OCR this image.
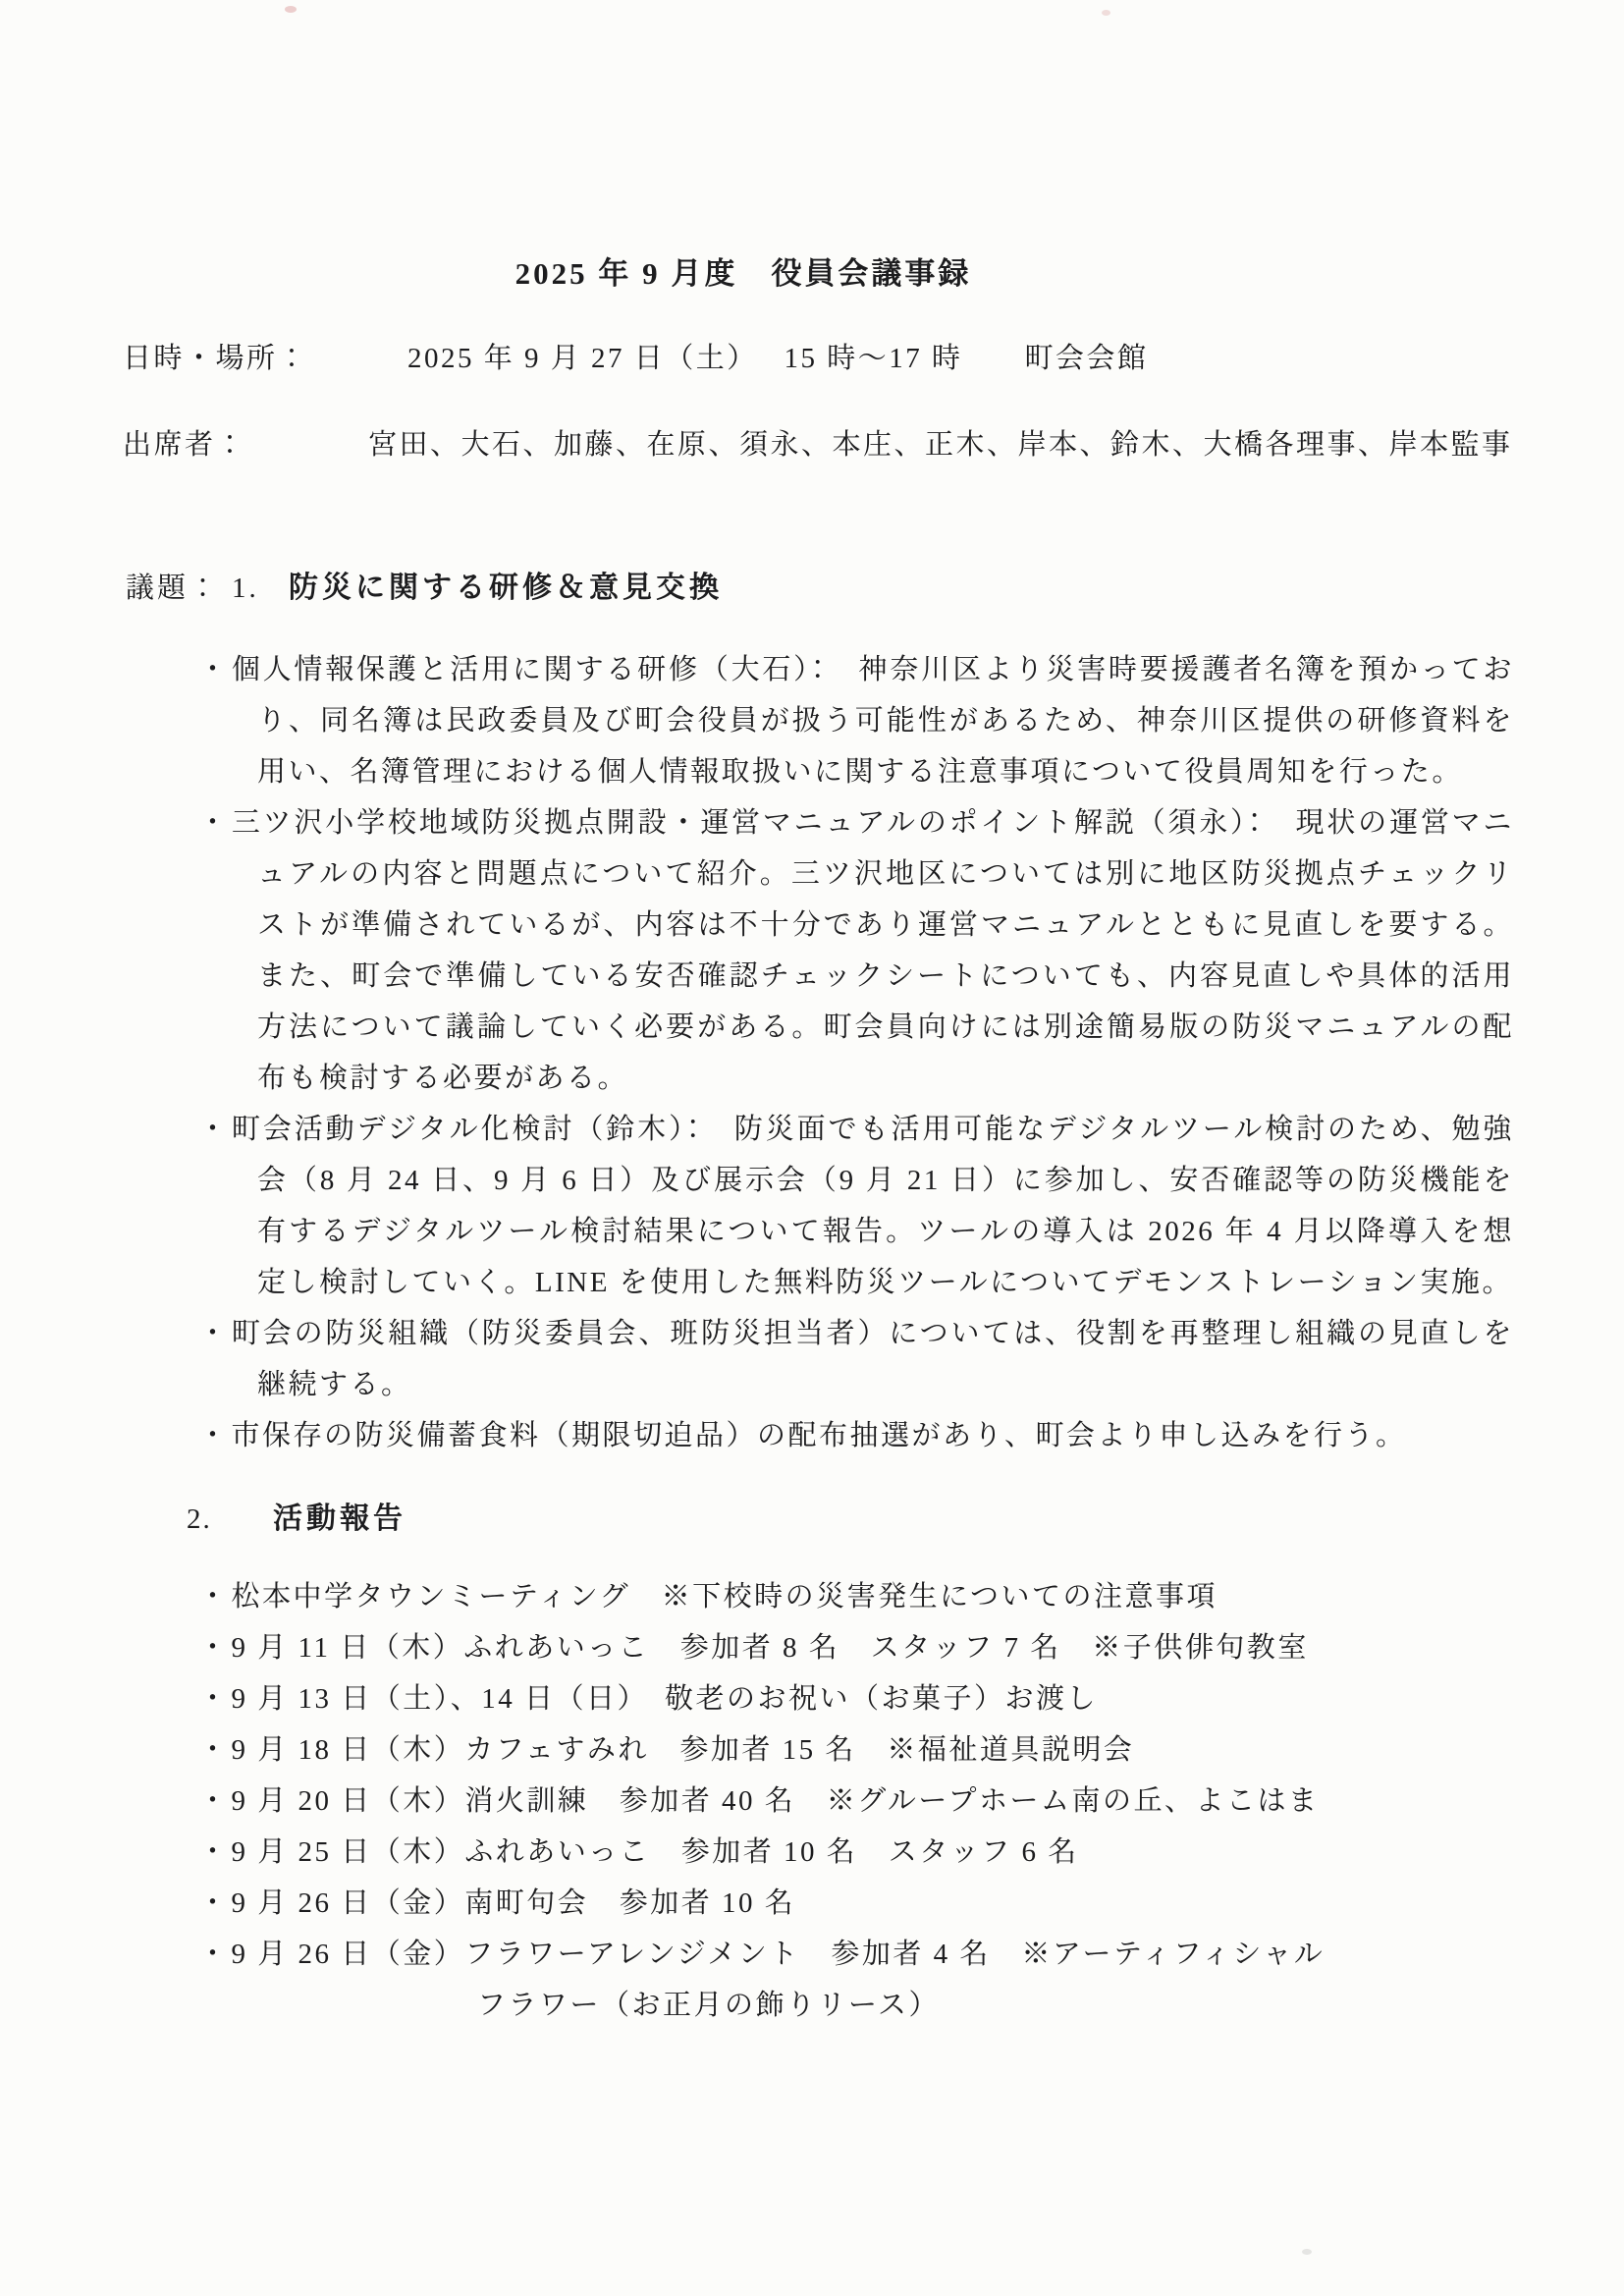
2025 年 9 月度　役員会議事録
日時・場所：	2025 年 9 月 27 日（土）　 15 時～17 時　　町会会館
出席者：	宮田、大石、加藤、在原、須永、本庄、正木、岸本、鈴木、大橋各理事、岸本監事
議題： 1.	防災に関する研修＆意見交換
・ 個人情報保護と活用に関する研修（大石）：　神奈川区より災害時要援護者名簿を預かっており、同名簿は民政委員及び町会役員が扱う可能性があるため、神奈川区提供の研修資料を用い、名簿管理における個人情報取扱いに関する注意事項について役員周知を行った。
・ 三ツ沢小学校地域防災拠点開設・運営マニュアルのポイント解説（須永）：　現状の運営マニュアルの内容と問題点について紹介。三ツ沢地区については別に地区防災拠点チェックリストが準備されているが、内容は不十分であり運営マニュアルとともに見直しを要する。また、町会で準備している安否確認チェックシートについても、内容見直しや具体的活用方法について議論していく必要がある。町会員向けには別途簡易版の防災マニュアルの配布も検討する必要がある。
・ 町会活動デジタル化検討（鈴木）：　防災面でも活用可能なデジタルツール検討のため、勉強会（8 月 24 日、9 月 6 日）及び展示会（9 月 21 日）に参加し、安否確認等の防災機能を有するデジタルツール検討結果について報告。ツールの導入は 2026 年 4 月以降導入を想定し検討していく。LINE を使用した無料防災ツールについてデモンストレーション実施。
・ 町会の防災組織（防災委員会、班防災担当者）については、役割を再整理し組織の見直しを継続する。
・ 市保存の防災備蓄食料（期限切迫品）の配布抽選があり、町会より申し込みを行う。
2.	活動報告
・ 松本中学タウンミーティング　※下校時の災害発生についての注意事項
・ 9 月 11 日（木）ふれあいっこ　参加者 8 名　スタッフ 7 名　※子供俳句教室
・ 9 月 13 日（土）、14 日（日）　敬老のお祝い（お菓子）お渡し
・ 9 月 18 日（木）カフェすみれ　参加者 15 名　※福祉道具説明会
・ 9 月 20 日（木）消火訓練　参加者 40 名　※グループホーム南の丘、よこはま
・ 9 月 25 日（木）ふれあいっこ　参加者 10 名　スタッフ 6 名
・ 9 月 26 日（金）南町句会　参加者 10 名
・ 9 月 26 日（金）フラワーアレンジメント　参加者 4 名　※アーティフィシャル
フラワー（お正月の飾りリース）
